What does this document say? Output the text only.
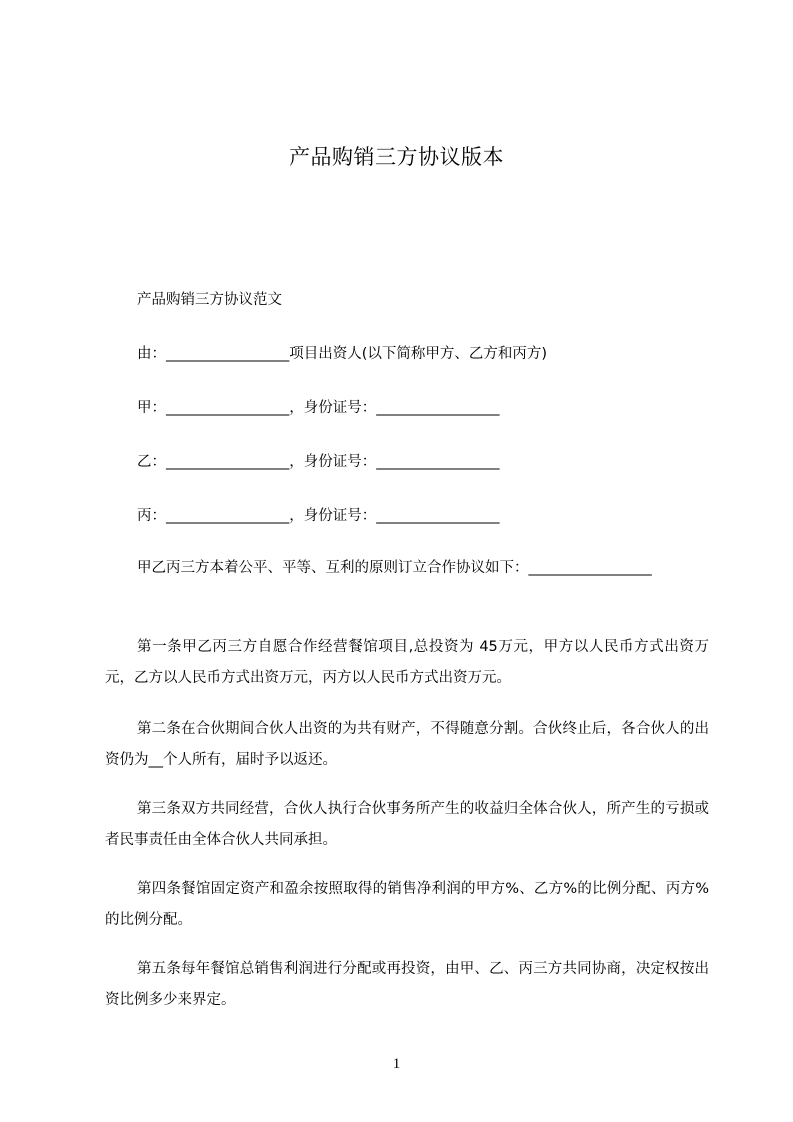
产品购销三方协议版本
产品购销三方协议范文
由：_________________项目出资人(以下简称甲方、乙方和丙方)
甲：_________________，身份证号：_________________
乙：_________________，身份证号：_________________
丙：_________________，身份证号：_________________
甲乙丙三方本着公平、平等、互利的原则订立合作协议如下：_________________
第一条甲乙丙三方自愿合作经营餐馆项目,总投资为 45万元，甲方以人民币方式出资万元，乙方以人民币方式出资万元，丙方以人民币方式出资万元。
第二条在合伙期间合伙人出资的为共有财产，不得随意分割。合伙终止后，各合伙人的出资仍为__个人所有，届时予以返还。
第三条双方共同经营，合伙人执行合伙事务所产生的收益归全体合伙人，所产生的亏损或者民事责任由全体合伙人共同承担。
第四条餐馆固定资产和盈余按照取得的销售净利润的甲方%、乙方%的比例分配、丙方%的比例分配。
第五条每年餐馆总销售利润进行分配或再投资，由甲、乙、丙三方共同协商，决定权按出资比例多少来界定。
1
